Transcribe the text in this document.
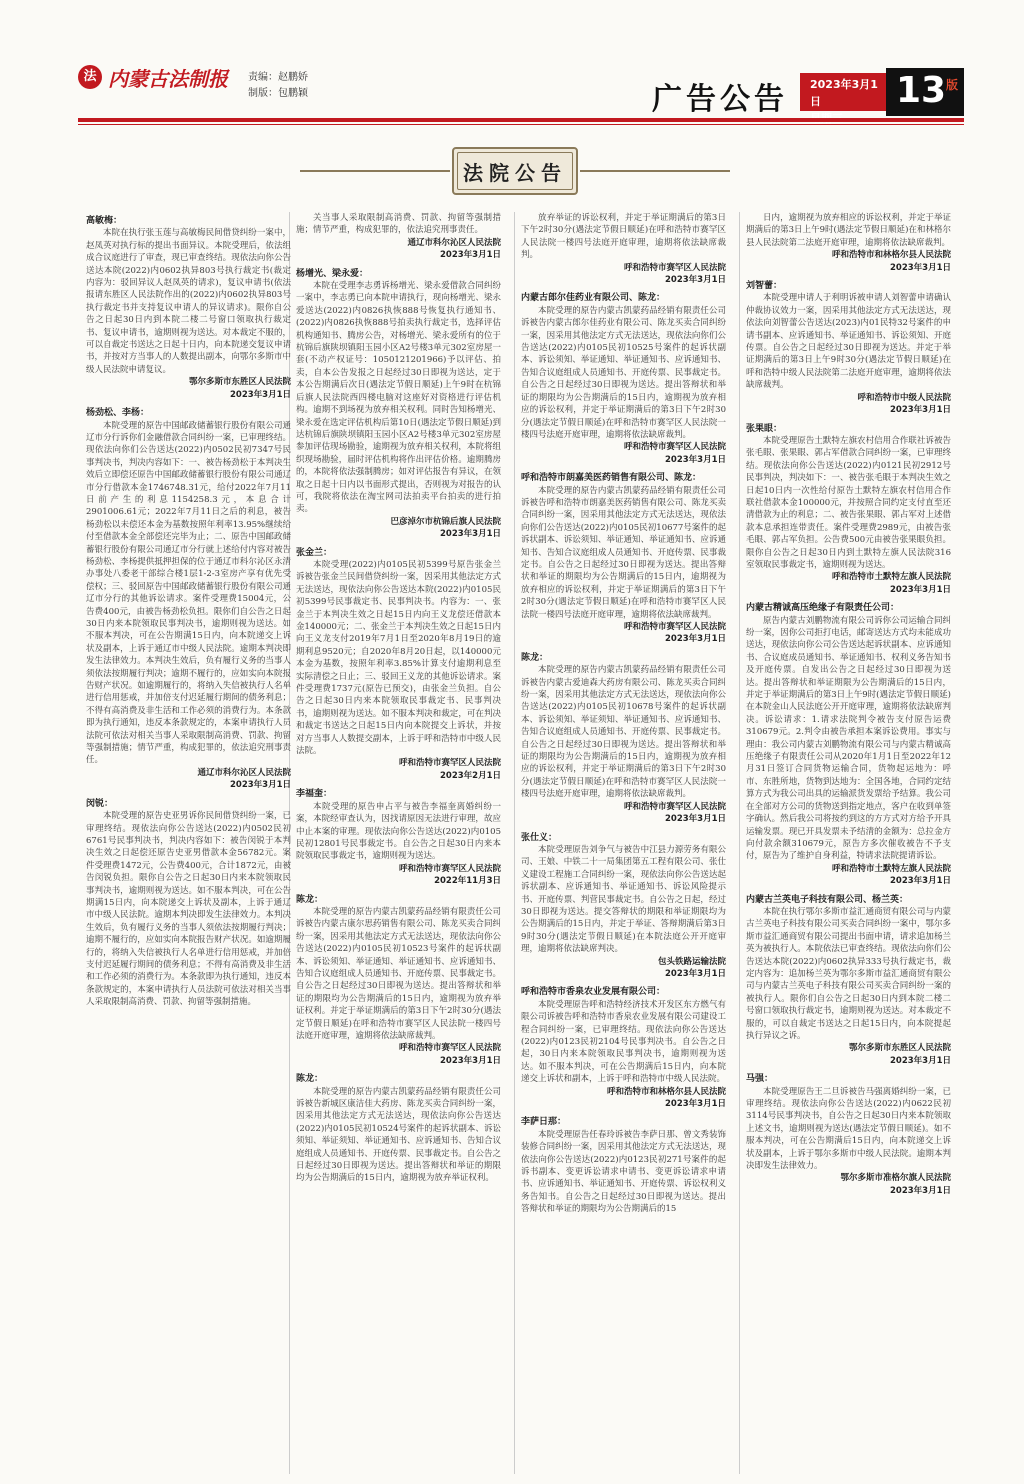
法 内蒙古法制报 责编：赵鹏娇
制版：包鹏颖	广告公告 2023年3月1日	13 版
法院公告
高敏梅：
本院在执行张玉莲与高敏梅民间借贷纠纷一案中，赵凤英对执行标的提出书面异议。本院受理后，依法组成合议庭进行了审查，现已审查终结。现依法向你公告送达本院(2022)内0602执异803号执行裁定书(裁定内容为：驳回异议人赵凤英的请求)，复议申请书(依法报请东胜区人民法院作出的(2022)内0602执异803号执行裁定书并支持复议申请人的异议请求)。限你自公告之日起30日内到本院二楼二号窗口领取执行裁定书、复议申请书，逾期则视为送达。对本裁定不服的，可以自裁定书送达之日起十日内，向本院递交复议申请书，并按对方当事人的人数提出副本，向鄂尔多斯市中级人民法院申请复议。
鄂尔多斯市东胜区人民法院
2023年3月1日
杨劲松、李杨：
本院受理的原告中国邮政储蓄银行股份有限公司通辽市分行诉你们金融借款合同纠纷一案，已审理终结。现依法向你们公告送达(2022)内0502民初7347号民事判决书，判决内容如下：一、被告杨劲松于本判决生效后立即偿还原告中国邮政储蓄银行股份有限公司通辽市分行借款本金1746748.31元，给付2022年7月11日前产生的利息1154258.3元，本息合计2901006.61元；2022年7月11日之后的利息，被告杨劲松以未偿还本金为基数按照年利率13.95%继续给付至借款本金全部偿还完毕为止；二、原告中国邮政储蓄银行股份有限公司通辽市分行就上述给付内容对被告杨劲松、李杨提供抵押担保的位于通辽市科尔沁区永清办事处八委老干部综合楼1层1-2-3室房产享有优先受偿权；三、驳回原告中国邮政储蓄银行股份有限公司通辽市分行的其他诉讼请求。案件受理费15004元，公告费400元，由被告杨劲松负担。限你们自公告之日起30日内来本院领取民事判决书，逾期则视为送达。如不服本判决，可在公告期满15日内，向本院递交上诉状及副本，上诉于通辽市中级人民法院。逾期本判决即发生法律效力。本判决生效后，负有履行义务的当事人须依法按期履行判决；逾期不履行的，应如实向本院报告财产状况。如逾期履行的，将纳入失信被执行人名单进行信用惩戒，并加倍支付迟延履行期间的债务利息；不得有高消费及非生活和工作必须的消费行为。本条款即为执行通知，违反本条款规定的，本案申请执行人员法院可依法对相关当事人采取限制高消费、罚款、拘留等强制措施；情节严重，构成犯罪的，依法追究刑事责任。
通辽市科尔沁区人民法院
2023年3月1日
闵锐：
本院受理的原告史亚男诉你民间借贷纠纷一案，已审理终结。现依法向你公告送达(2022)内0502民初6761号民事判决书，判决内容如下：被告闵锐于本判决生效之日起偿还原告史亚男借款本金56782元。案件受理费1472元，公告费400元，合计1872元，由被告闵锐负担。限你自公告之日起30日内来本院领取民事判决书，逾期则视为送达。如不服本判决，可在公告期满15日内，向本院递交上诉状及副本，上诉于通辽市中级人民法院。逾期本判决即发生法律效力。本判决生效后，负有履行义务的当事人须依法按期履行判决；逾期不履行的，应如实向本院报告财产状况。如逾期履行的，将纳入失信被执行人名单进行信用惩戒，并加倍支付迟延履行期间的债务利息；不得有高消费及非生活和工作必须的消费行为。本条款即为执行通知，违反本条款规定的，本案申请执行人员法院可依法对相关当事人采取限制高消费、罚款、拘留等强制措施。
关当事人采取限制高消费、罚款、拘留等强制措施；情节严重，构成犯罪的，依法追究刑事责任。
通辽市科尔沁区人民法院
2023年3月1日
杨增光、梁永爱：
本院在受理李志勇诉杨增光、梁永爱借款合同纠纷一案中，李志勇已向本院申请执行，现向杨增光、梁永爱送达(2022)内0826执恢888号恢复执行通知书、(2022)内0826执恢888号拍卖执行裁定书，选择评估机构通知书、腾房公告，对杨增光、梁永爱所有的位于杭锦后旗陕坝镇阳玉园小区A2号楼3单元302室房屋一套(不动产权证号：1050121201966)予以评估、拍卖，自本公告发报之日起经过30日即视为送达，定于本公告期满后次日(遇法定节假日顺延)上午9时在杭锦后旗人民法院西四楼电脑对这座好对资格进行评估机构。逾期不到场视为放弃相关权利。同时告知杨增光、梁永爱在选定评估机构后第10日(遇法定节假日顺延)到达杭锦后旗陕坝镇阳玉园小区A2号楼3单元302室房屋参加评估现场勘验，逾期视为放弃相关权利，本院将组织现场勘验，届时评估机构将作出评估价格。逾期腾房的，本院将依法强制腾房；如对评估报告有异议，在领取之日起十日内以书面形式提出，否则视为对报告的认可，我院将依法在淘宝网司法拍卖平台拍卖的进行拍卖。
巴彦淖尔市杭锦后旗人民法院
2023年3月1日
张金兰：
本院受理(2022)内0105民初5399号原告张金兰诉被告张金兰民间借贷纠纷一案，因采用其他法定方式无法送达，现依法向你公告送达本院(2022)内0105民初5399号民事裁定书、民事判决书。内容为：一、张金兰于本判决生效之日起15日内向王义龙偿还借款本金140000元；二、张金兰于本判决生效之日起15日内向王义龙支付2019年7月1日至2020年8月19日的逾期利息9520元；自2020年8月20日起，以140000元本金为基数，按照年利率3.85%计算支付逾期利息至实际清偿之日止；三、驳回王义龙的其他诉讼请求。案件受理费1737元(原告已预交)，由张金兰负担。自公告之日起30日内来本院领取民事裁定书、民事判决书，逾期则视为送达。如不服本判决和裁定，可在判决和裁定书送达之日起15日内向本院提交上诉状，并按对方当事人人数提交副本，上诉于呼和浩特市中级人民法院。
呼和浩特市赛罕区人民法院
2023年2月1日
李福奎：
本院受理的原告申占平与被告李福奎离婚纠纷一案，本院经审查认为，因找请原因无法进行审理，故应中止本案的审理。现依法向你公告送达(2022)内0105民初12801号民事裁定书。自公告之日起30日内来本院领取民事裁定书，逾期则视为送达。
呼和浩特市赛罕区人民法院
2022年11月3日
陈龙：
本院受理的原告内蒙古凯蒙药品经销有限责任公司诉被告内蒙古康尔思药销售有限公司、陈龙买卖合同纠纷一案，因采用其他法定方式无法送达，现依法向你公告送达(2022)内0105民初10523号案件的起诉状副本、诉讼须知、举证通知、举证通知书、应诉通知书、告知合议庭组成人员通知书、开庭传票、民事裁定书。自公告之日起经过30日即视为送达。提出答辩状和举证的期限均为公告期满后的15日内，逾期视为放弃举证权利。并定于举证期满后的第3日下午2时30分(遇法定节假日顺延)在呼和浩特市赛罕区人民法院一楼四号法庭开庭审理，逾期将依法缺席裁判。
呼和浩特市赛罕区人民法院
2023年3月1日
陈龙：
本院受理的原告内蒙古凯蒙药品经销有限责任公司诉被告新城区康洁佳大药房、陈龙买卖合同纠纷一案，因采用其他法定方式无法送达，现依法向你公告送达(2022)内0105民初10524号案件的起诉状副本、诉讼须知、举证须知、举证通知书、应诉通知书、告知合议庭组成人员通知书、开庭传票、民事裁定书。自公告之日起经过30日即视为送达。提出答辩状和举证的期限均为公告期满后的15日内，逾期视为放弃举证权利。
放弃举证的诉讼权利，并定于举证期满后的第3日下午2时30分(遇法定节假日顺延)在呼和浩特市赛罕区人民法院一楼四号法庭开庭审理，逾期将依法缺席裁判。
呼和浩特市赛罕区人民法院
2023年3月1日
内蒙古郎尔佳药业有限公司、陈龙：
本院受理的原告内蒙古凯蒙药品经销有限责任公司诉被告内蒙古郎尔佳药业有限公司、陈龙买卖合同纠纷一案，因采用其他法定方式无法送达，现依法向你们公告送达(2022)内0105民初10525号案件的起诉状副本、诉讼须知、举证通知、举证通知书、应诉通知书、告知合议庭组成人员通知书、开庭传票、民事裁定书。自公告之日起经过30日即视为送达。提出答辩状和举证的期限均为公告期满后的15日内，逾期视为放弃相应的诉讼权利，并定于举证期满后的第3日下午2时30分(遇法定节假日顺延)在呼和浩特市赛罕区人民法院一楼四号法庭开庭审理，逾期将依法缺席裁判。
呼和浩特市赛罕区人民法院
2023年3月1日
呼和浩特市朗嘉美医药销售有限公司、陈龙：
本院受理的原告内蒙古凯蒙药品经销有限责任公司诉被告呼和浩特市朗嘉美医药销售有限公司、陈龙买卖合同纠纷一案，因采用其他法定方式无法送达，现依法向你们公告送达(2022)内0105民初10677号案件的起诉状副本、诉讼须知、举证通知、举证通知书、应诉通知书、告知合议庭组成人员通知书、开庭传票、民事裁定书。自公告之日起经过30日即视为送达。提出答辩状和举证的期限均为公告期满后的15日内，逾期视为放弃相应的诉讼权利，并定于举证期满后的第3日下午2时30分(遇法定节假日顺延)在呼和浩特市赛罕区人民法院一楼四号法庭开庭审理，逾期将依法缺席裁判。
呼和浩特市赛罕区人民法院
2023年3月1日
陈龙：
本院受理的原告内蒙古凯蒙药品经销有限责任公司诉被告内蒙古爱迪森大药房有限公司、陈龙买卖合同纠纷一案，因采用其他法定方式无法送达，现依法向你公告送达(2022)内0105民初10678号案件的起诉状副本、诉讼须知、举证须知、举证通知书、应诉通知书、告知合议庭组成人员通知书、开庭传票、民事裁定书。自公告之日起经过30日即视为送达。提出答辩状和举证的期限均为公告期满后的15日内，逾期视为放弃相应的诉讼权利，并定于举证期满后的第3日下午2时30分(遇法定节假日顺延)在呼和浩特市赛罕区人民法院一楼四号法庭开庭审理，逾期将依法缺席裁判。
呼和浩特市赛罕区人民法院
2023年3月1日
张仕义：
本院受理原告刘争气与被告中江县力源劳务有限公司、王娘、中铁二十一局集团第五工程有限公司、张仕义建设工程施工合同纠纷一案，现依法向你公告送达起诉状副本、应诉通知书、举证通知书、诉讼风险提示书、开庭传票、判营民事裁定书。自公告之日起，经过30日即视为送达。提交答辩状的期限和举证期限均为公告期满后的15日内，并定于举证、答辩期满后第3日9时30分(遇法定节假日顺延)在本院法庭公开开庭审理，逾期将依法缺席判决。
包头铁路运输法院
2023年3月1日
呼和浩特市香泉农业发展有限公司：
本院受理原告呼和浩特经济技术开发区东方燃气有限公司诉被告呼和浩特市香泉农业发展有限公司建设工程合同纠纷一案，已审理终结。现依法向你公告送达(2022)内0123民初2104号民事判决书。自公告之日起，30日内来本院领取民事判决书，逾期则视为送达。如不服本判决，可在公告期满后15日内，向本院递交上诉状和副本，上诉于呼和浩特市中级人民法院。
呼和浩特市和林格尔县人民法院
2023年3月1日
李萨日那：
本院受理原告任春玲诉被告李萨日那、曾文秀装饰装修合同纠纷一案，因采用其他法定方式无法送达，现依法向你公告送达(2022)内0123民初271号案件的起诉书副本、变更诉讼请求申请书、变更诉讼请求申请书、应诉通知书、举证通知书、开庭传票、诉讼权利义务告知书。自公告之日起经过30日即视为送达。提出答辩状和举证的期限均为公告期满后的15
日内，逾期视为放弃相应的诉讼权利，并定于举证期满后的第3日上午9时(遇法定节假日顺延)在和林格尔县人民法院第二法庭开庭审理，逾期将依法缺席裁判。
呼和浩特市和林格尔县人民法院
2023年3月1日
刘智蕾：
本院受理申请人于利明诉被申请人刘智蕾申请确认仲裁协议效力一案，因采用其他法定方式无法送达，现依法向刘智蕾公告送达(2023)内01民特32号案件的申请书副本、应诉通知书、举证通知书、诉讼须知、开庭传票。自公告之日起经过30日即视为送达。并定于举证期满后的第3日上午9时30分(遇法定节假日顺延)在呼和浩特中级人民法院第二法庭开庭审理，逾期将依法缺席裁判。
呼和浩特市中级人民法院
2023年3月1日
张果眼：
本院受理原告土默特左旗农村信用合作联社诉被告张毛眼、张果眼、郭占军借款合同纠纷一案，已审理终结。现依法向你公告送达(2022)内0121民初2912号民事判决，判决如下：一、被告张毛眼于本判决生效之日起10日内一次性给付原告土默特左旗农村信用合作联社借款本金100000元，并按照合同约定支付直至还清借款为止的利息；二、被告张果眼、郭占军对上述借款本息承担连带责任。案件受理费2989元，由被告张毛眼、郭占军负担。公告费500元由被告张果眼负担。限你自公告之日起30日内到土默特左旗人民法院316室领取民事裁定书，逾期则视为送达。
呼和浩特市土默特左旗人民法院
2023年3月1日
内蒙古精诚高压绝缘子有限责任公司：
原告内蒙古刘鹏物流有限公司诉你公司运输合同纠纷一案，因你公司拒打电话，邮寄送达方式均未能成功送达，现依法向你公司公告送达起诉状副本、应诉通知书、合议庭成员通知书、举证通知书、权利义务告知书及开庭传票。自发出公告之日起经过30日即视为送达。提出答辩状和举证期限为公告期满后的15日内，并定于举证期满后的第3日上午9时(遇法定节假日顺延)在本院金山人民法庭公开开庭审理，逾期将依法缺席判决。诉讼请求：1.请求法院判令被告支付原告运费310679元。2.判令由被告承担本案诉讼费用。事实与理由：我公司内蒙古刘鹏物流有限公司与内蒙古精诚高压绝缘子有限责任公司从2020年1月1日至2022年12月31日签订合同货物运输合同，货物起运地为：呼市、东胜所地，货物到达地为：全国各地，合同约定结算方式为我公司出具的运输派货发票给予结算。我公司在全部对方公司的货物送到指定地点，客户在收到单签字确认。然后我公司将按约到这的方方式对方给予开具运输发票。现已开具发票未予结清的金额为：总拉金方向付款余额310679元，原告方多次催收被告不予支付，原告为了维护自身利益，特请求法院提请诉讼。
呼和浩特市土默特左旗人民法院
2023年3月1日
内蒙古兰英电子科技有限公司、杨兰英：
本院在执行鄂尔多斯市益汇通商贸有限公司与内蒙古兰英电子科技有限公司买卖合同纠纷一案中，鄂尔多斯市益汇通商贸有限公司提出书面申请，请求追加杨兰英为被执行人。本院依法已审查终结。现依法向你们公告送达本院(2022)内0602执异333号执行裁定书，裁定内容为：追加杨兰英为鄂尔多斯市益汇通商贸有限公司与内蒙古兰英电子科技有限公司买卖合同纠纷一案的被执行人。限你们自公告之日起30日内到本院二楼二号窗口领取执行裁定书，逾期则视为送达。对本裁定不服的，可以自裁定书送达之日起15日内，向本院提起执行异议之诉。
鄂尔多斯市东胜区人民法院
2023年3月1日
马强：
本院受理原告王二旦诉被告马强离婚纠纷一案，已审理终结。现依法向你公告送达(2022)内0622民初3114号民事判决书，自公告之日起30日内来本院领取上述文书，逾期则视为送达(遇法定节假日顺延)。如不服本判决，可在公告期满后15日内，向本院递交上诉状及副本，上诉于鄂尔多斯市中级人民法院。逾期本判决即发生法律效力。
鄂尔多斯市准格尔旗人民法院
2023年3月1日
